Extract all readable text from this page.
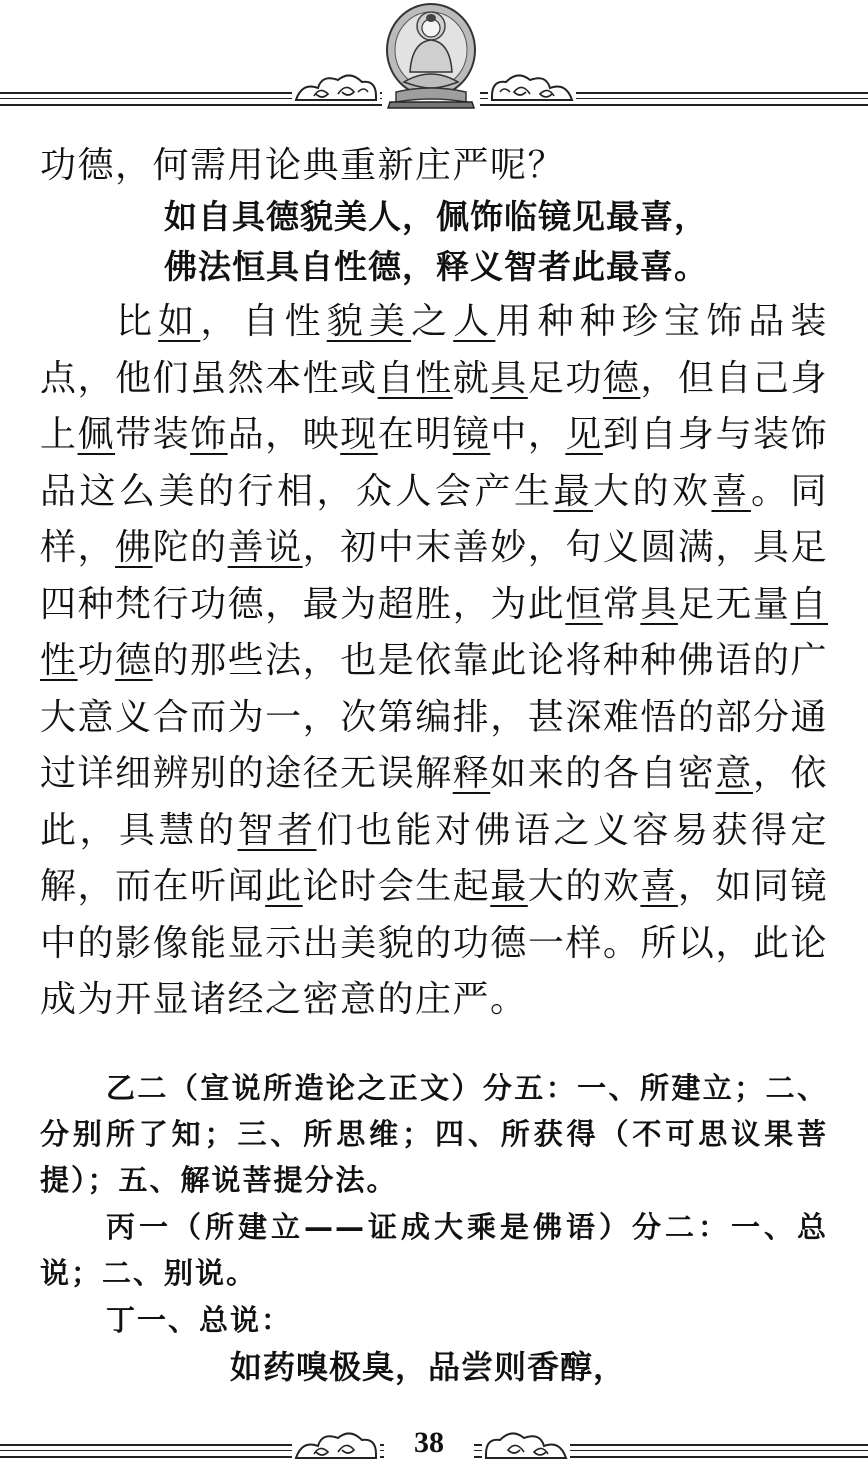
功德，何需用论典重新庄严呢？

如自具德貌美人，佩饰临镜见最喜，

佛法恒具自性德，释义智者此最喜。

比如，自性貌美之人用种种珍宝饰品装点，他们虽然本性或自性就具足功德，但自己身上佩带装饰品，映现在明镜中，见到自身与装饰品这么美的行相，众人会产生最大的欢喜。同样，佛陀的善说，初中末善妙，句义圆满，具足四种梵行功德，最为超胜，为此恒常具足无量自性功德的那些法，也是依靠此论将种种佛语的广大意义合而为一，次第编排，甚深难悟的部分通过详细辨别的途径无误解释如来的各自密意，依此，具慧的智者们也能对佛语之义容易获得定解，而在听闻此论时会生起最大的欢喜，如同镜中的影像能显示出美貌的功德一样。所以，此论成为开显诸经之密意的庄严。

乙二（宣说所造论之正文）分五：一、所建立；二、分别所了知；三、所思维；四、所获得（不可思议果菩提）；五、解说菩提分法。

丙一（所建立——证成大乘是佛语）分二：一、总说；二、别说。

丁一、总说：

如药嗅极臭，品尝则香醇，

38
